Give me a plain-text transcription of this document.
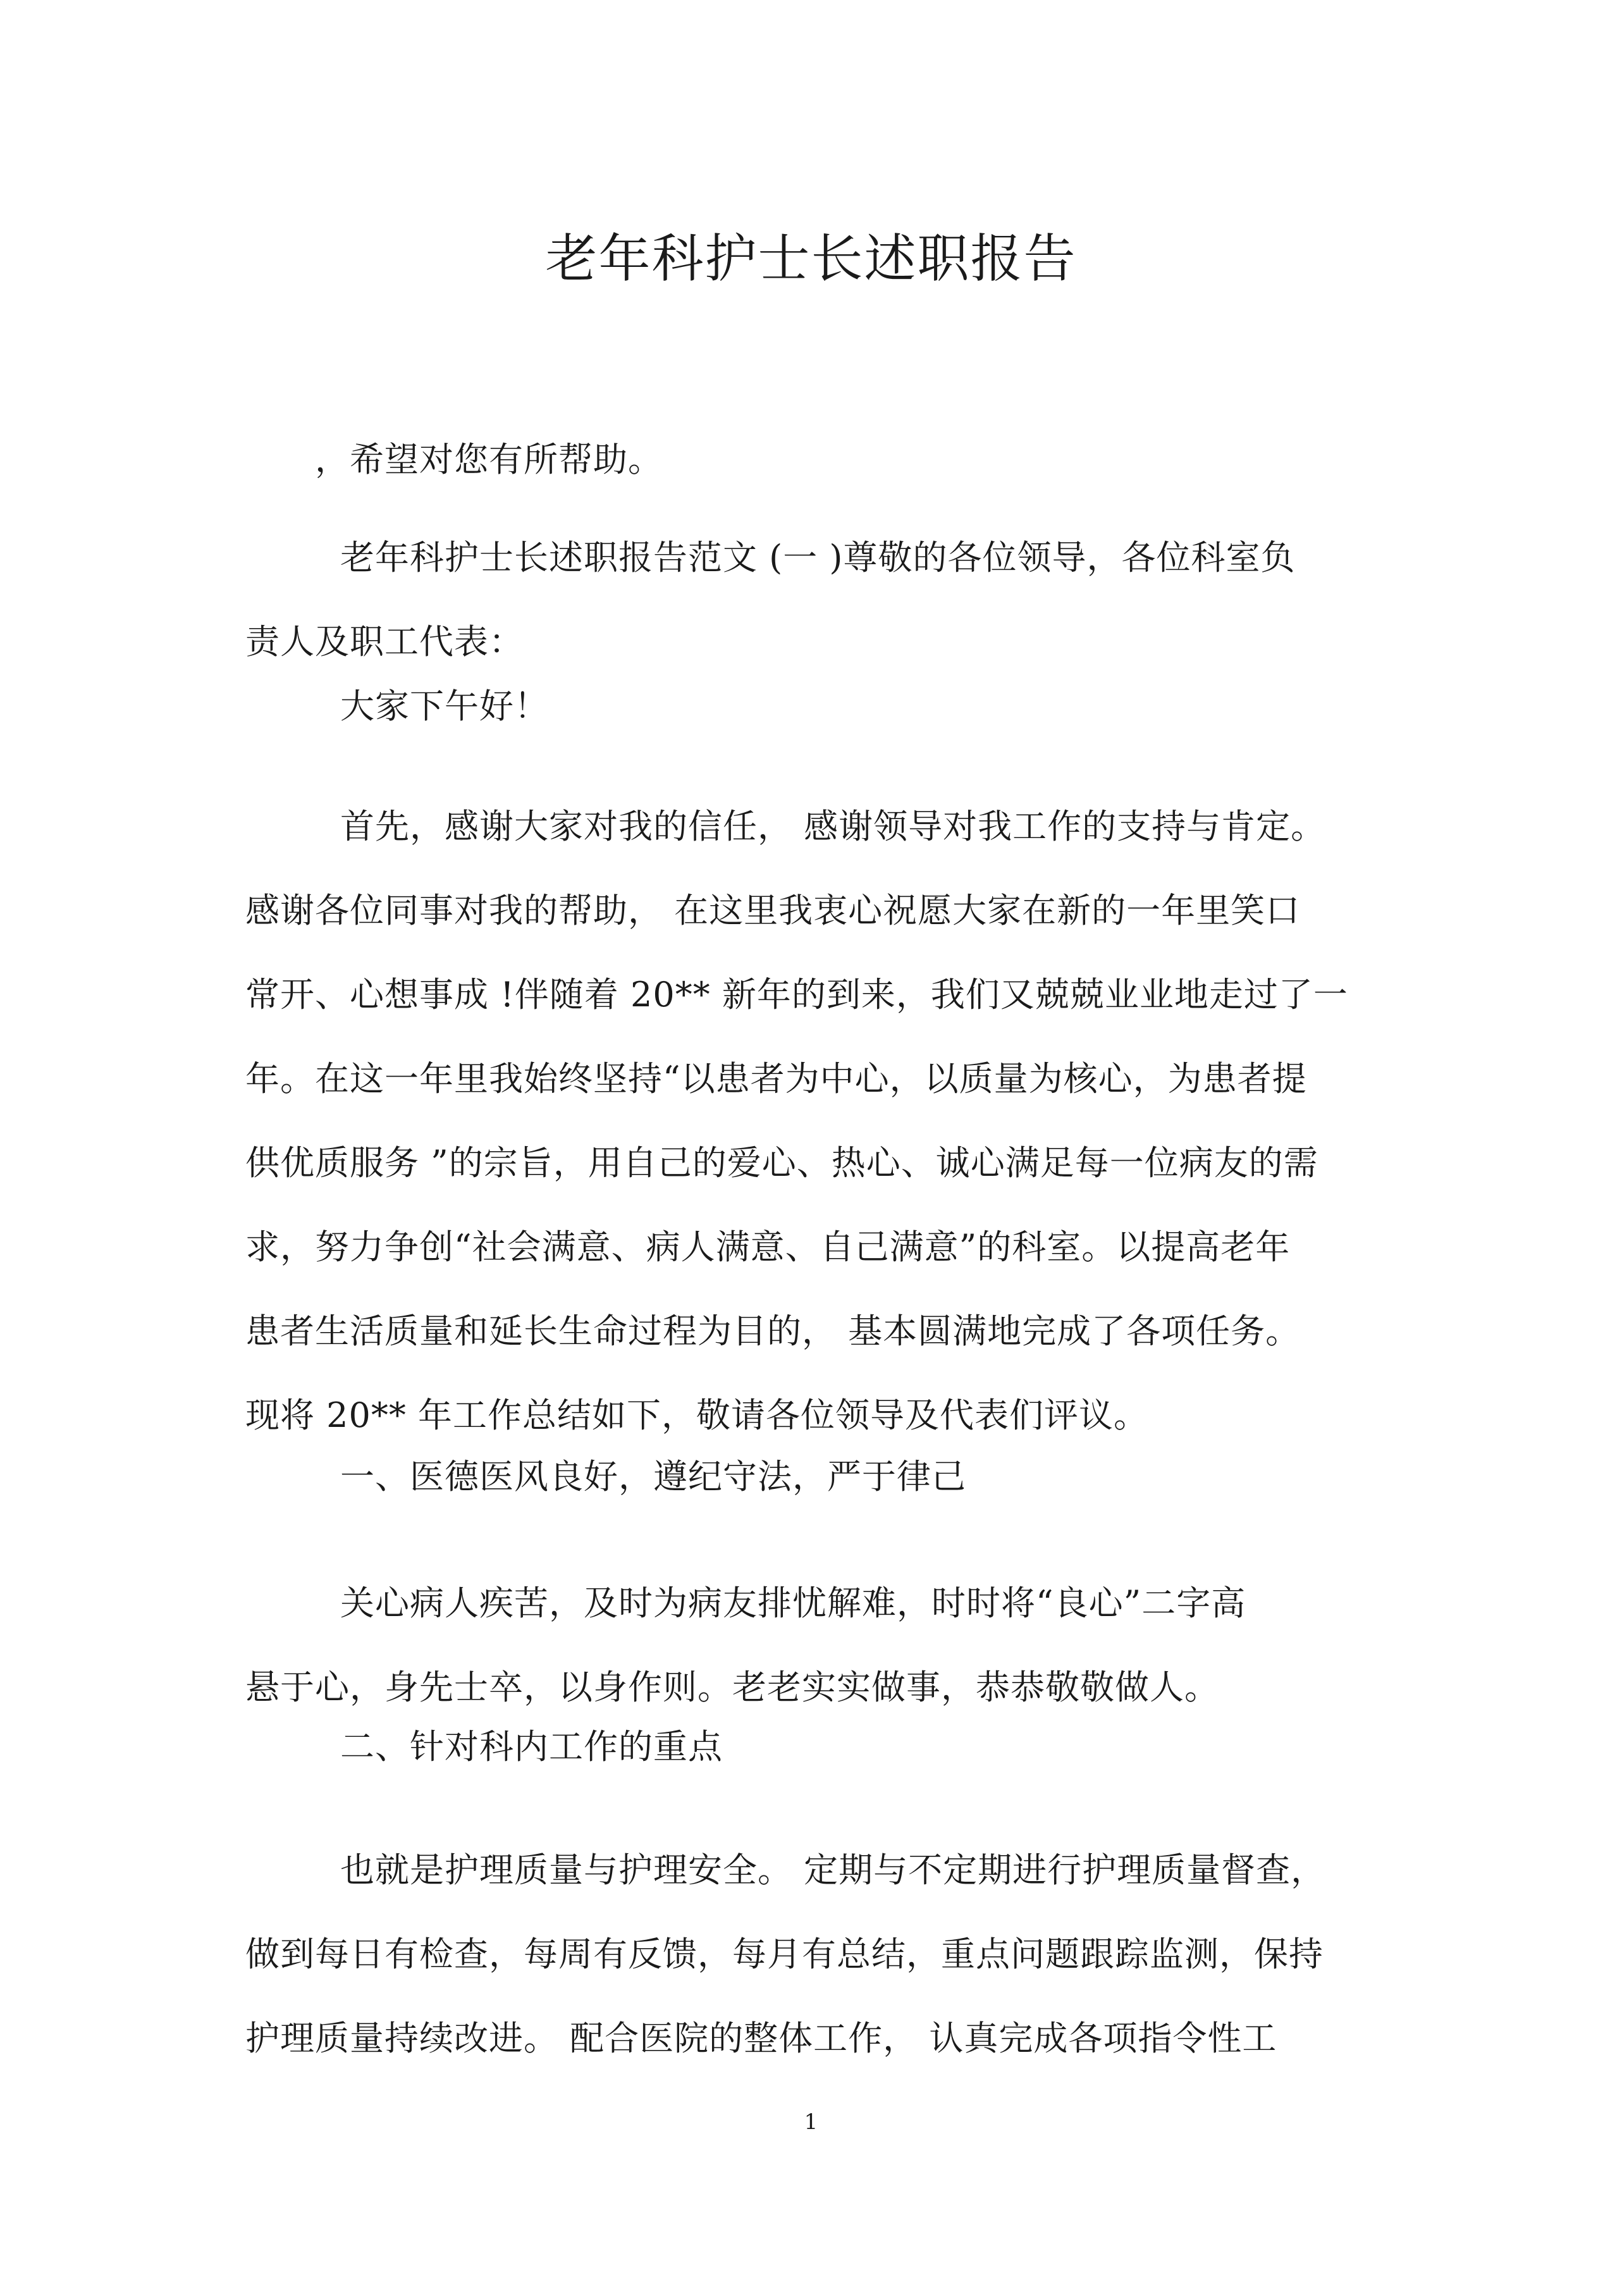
老年科护士长述职报告
，希望对您有所帮助。
老年科护士长述职报告范文 (一 )尊敬的各位领导，各位科室负
责人及职工代表：
大家下午好！
首先，感谢大家对我的信任， 感谢领导对我工作的支持与肯定。
感谢各位同事对我的帮助， 在这里我衷心祝愿大家在新的一年里笑口
常开、心想事成 !伴随着 20** 新年的到来，我们又兢兢业业地走过了一
年。在这一年里我始终坚持“以患者为中心，以质量为核心，为患者提
供优质服务 ”的宗旨，用自己的爱心、热心、诚心满足每一位病友的需
求，努力争创“社会满意、病人满意、自己满意”的科室。以提高老年
患者生活质量和延长生命过程为目的， 基本圆满地完成了各项任务。
现将 20** 年工作总结如下，敬请各位领导及代表们评议。
一、医德医风良好，遵纪守法，严于律己
关心病人疾苦，及时为病友排忧解难，时时将“良心”二字高
悬于心，身先士卒，以身作则。老老实实做事，恭恭敬敬做人。
二、针对科内工作的重点
也就是护理质量与护理安全。 定期与不定期进行护理质量督查，
做到每日有检查，每周有反馈，每月有总结，重点问题跟踪监测，保持
护理质量持续改进。 配合医院的整体工作， 认真完成各项指令性工
1
